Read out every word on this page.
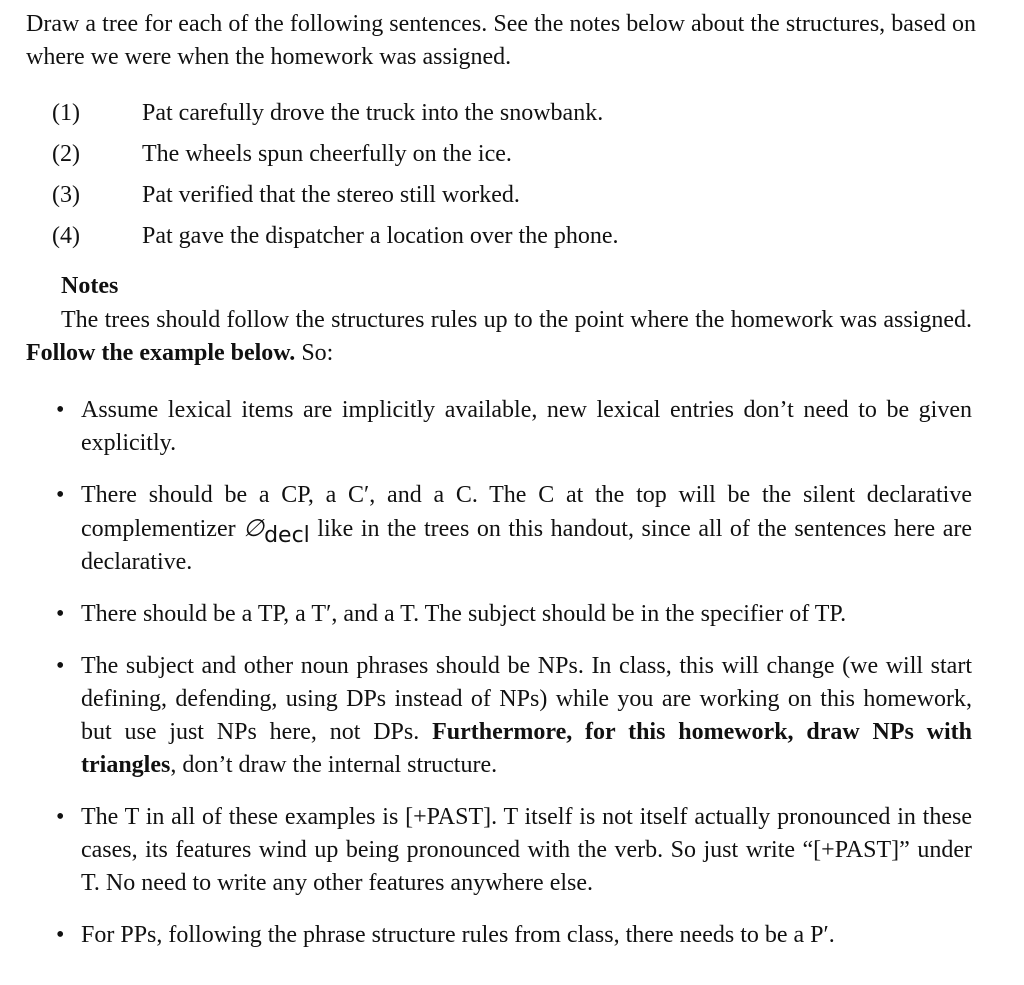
Draw a tree for each of the following sentences. See the notes below about the structures, based on where we were when the homework was assigned.
(1)	Pat carefully drove the truck into the snowbank.
(2)	The wheels spun cheerfully on the ice.
(3)	Pat verified that the stereo still worked.
(4)	Pat gave the dispatcher a location over the phone.
Notes
The trees should follow the structures rules up to the point where the homework was assigned. Follow the example below. So:
• Assume lexical items are implicitly available, new lexical entries don’t need to be given explicitly.
• There should be a CP, a C′, and a C. The C at the top will be the silent declarative complementizer ∅decl like in the trees on this handout, since all of the sentences here are declarative.
• There should be a TP, a T′, and a T. The subject should be in the specifier of TP.
• The subject and other noun phrases should be NPs. In class, this will change (we will start defining, defending, using DPs instead of NPs) while you are working on this homework, but use just NPs here, not DPs. Furthermore, for this homework, draw NPs with triangles, don’t draw the internal structure.
• The T in all of these examples is [+PAST]. T itself is not itself actually pronounced in these cases, its features wind up being pronounced with the verb. So just write “[+PAST]” under T. No need to write any other features anywhere else.
• For PPs, following the phrase structure rules from class, there needs to be a P′.
